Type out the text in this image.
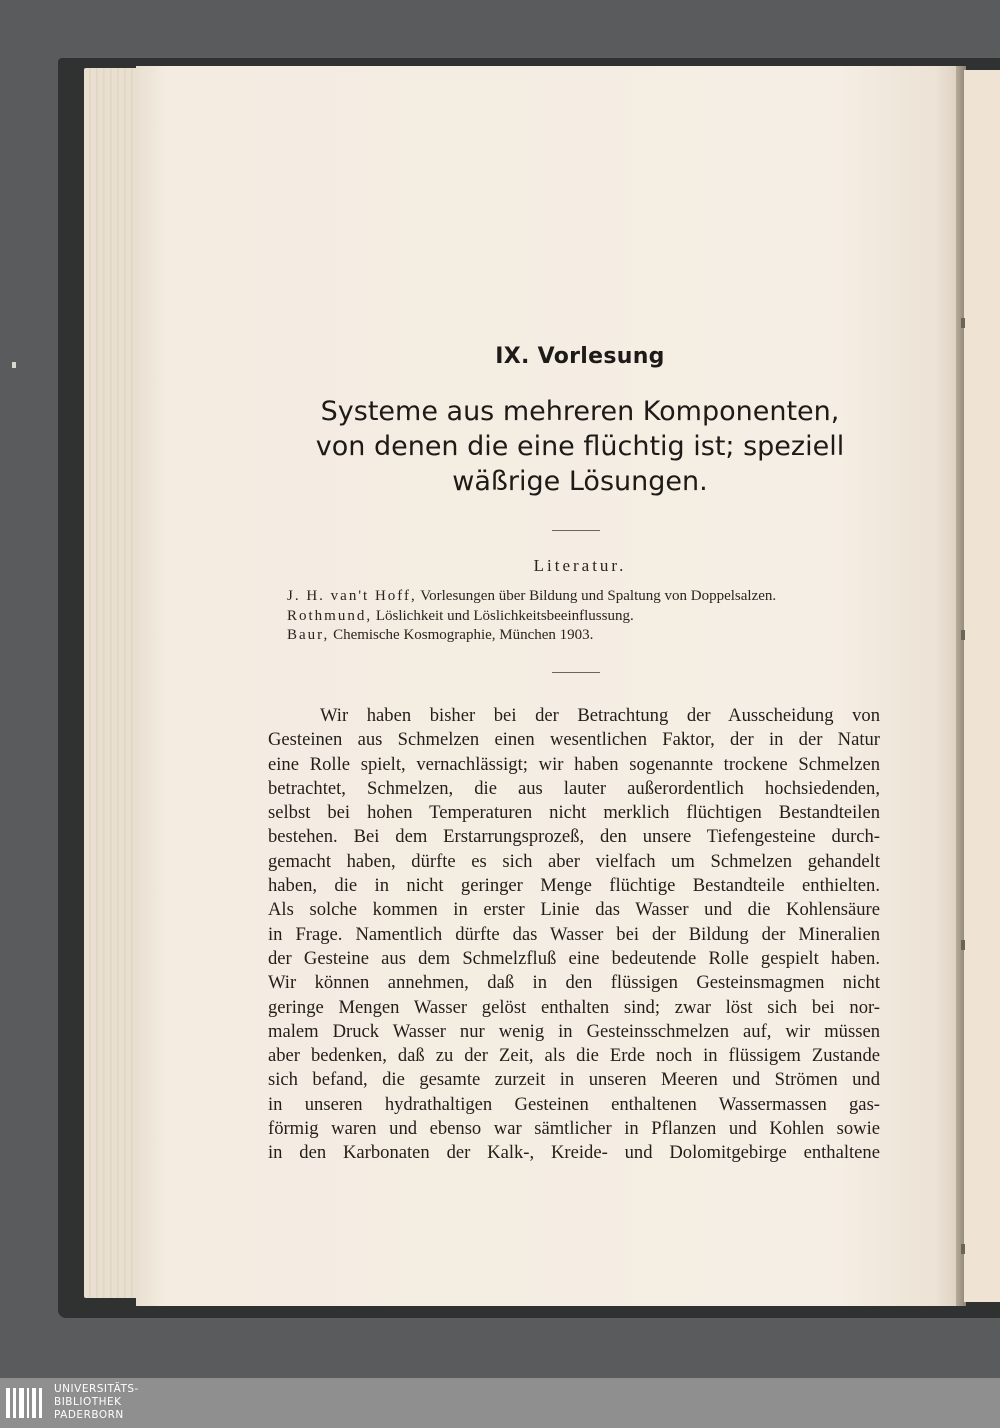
IX. Vorlesung
Systeme aus mehreren Komponenten,
von denen die eine flüchtig ist; speziell
wäßrige Lösungen.
Literatur.
J. H. van't Hoff, Vorlesungen über Bildung und Spaltung von Doppelsalzen.
Rothmund, Löslichkeit und Löslichkeitsbeeinflussung.
Baur, Chemische Kosmographie, München 1903.
Wir haben bisher bei der Betrachtung der Ausscheidung von
Gesteinen aus Schmelzen einen wesentlichen Faktor, der in der Natur
eine Rolle spielt, vernachlässigt; wir haben sogenannte trockene Schmelzen
betrachtet, Schmelzen, die aus lauter außerordentlich hochsiedenden,
selbst bei hohen Temperaturen nicht merklich flüchtigen Bestandteilen
bestehen. Bei dem Erstarrungsprozeß, den unsere Tiefengesteine durch-
gemacht haben, dürfte es sich aber vielfach um Schmelzen gehandelt
haben, die in nicht geringer Menge flüchtige Bestandteile enthielten.
Als solche kommen in erster Linie das Wasser und die Kohlensäure
in Frage. Namentlich dürfte das Wasser bei der Bildung der Mineralien
der Gesteine aus dem Schmelzfluß eine bedeutende Rolle gespielt haben.
Wir können annehmen, daß in den flüssigen Gesteinsmagmen nicht
geringe Mengen Wasser gelöst enthalten sind; zwar löst sich bei nor-
malem Druck Wasser nur wenig in Gesteinsschmelzen auf, wir müssen
aber bedenken, daß zu der Zeit, als die Erde noch in flüssigem Zustande
sich befand, die gesamte zurzeit in unseren Meeren und Strömen und
in unseren hydrathaltigen Gesteinen enthaltenen Wassermassen gas-
förmig waren und ebenso war sämtlicher in Pflanzen und Kohlen sowie
in den Karbonaten der Kalk-, Kreide- und Dolomitgebirge enthaltene
UNIVERSITÄTS-
BIBLIOTHEK
PADERBORN
